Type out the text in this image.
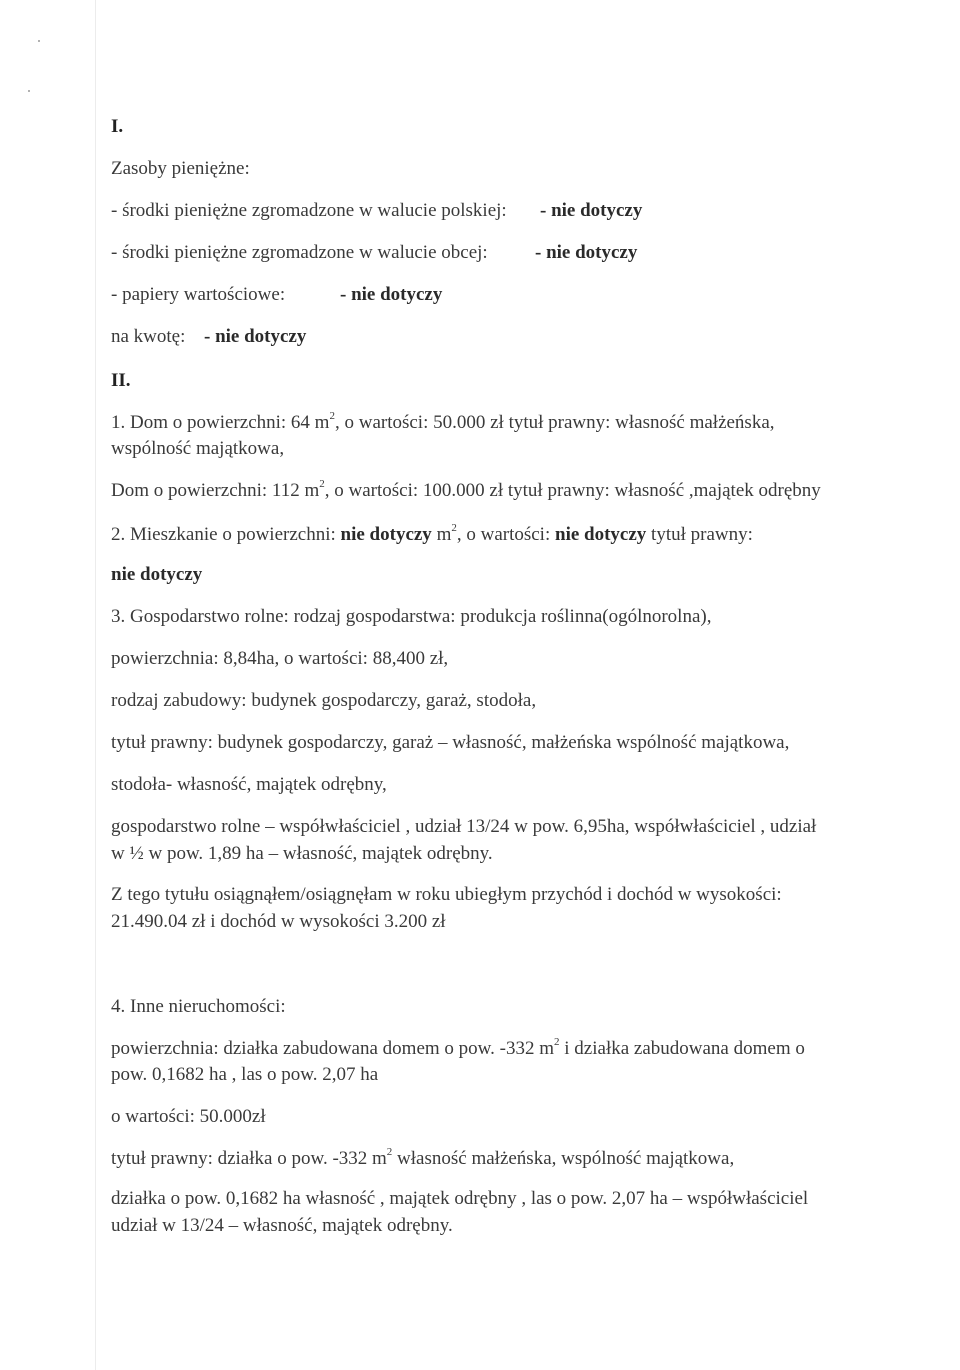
I.
Zasoby pieniężne:
- środki pieniężne zgromadzone w walucie polskiej: - nie dotyczy
- środki pieniężne zgromadzone w walucie obcej: - nie dotyczy
- papiery wartościowe:	- nie dotyczy
na kwotę: - nie dotyczy
II.
1. Dom o powierzchni: 64 $m^2$, o wartości: 50.000 zł tytuł prawny: własność małżeńska,
wspólność majątkowa,
Dom o powierzchni: 112 $m^2$, o wartości: 100.000 zł tytuł prawny: własność ,majątek odrębny
2. Mieszkanie o powierzchni: nie dotyczy $m^2$, o wartości: nie dotyczy tytuł prawny:
nie dotyczy
3. Gospodarstwo rolne: rodzaj gospodarstwa: produkcja roślinna(ogólnorolna),
powierzchnia: 8,84ha, o wartości: 88,400 zł,
rodzaj zabudowy: budynek gospodarczy, garaż, stodoła,
tytuł prawny: budynek gospodarczy, garaż – własność, małżeńska wspólność majątkowa,
stodoła- własność, majątek odrębny,
gospodarstwo rolne – współwłaściciel , udział 13/24 w pow. 6,95ha, współwłaściciel , udział
w ½ w pow. 1,89 ha – własność, majątek odrębny.
Z tego tytułu osiągnąłem/osiągnęłam w roku ubiegłym przychód i dochód w wysokości:
21.490.04 zł i dochód w wysokości 3.200 zł
4. Inne nieruchomości:
powierzchnia: działka zabudowana domem o pow. -332 $m^2$ i działka zabudowana domem o
pow. 0,1682 ha , las o pow. 2,07 ha
o wartości: 50.000zł
tytuł prawny: działka o pow. -332 $m^2$ własność małżeńska, wspólność majątkowa,
działka o pow. 0,1682 ha własność , majątek odrębny , las o pow. 2,07 ha – współwłaściciel
udział w 13/24 – własność, majątek odrębny.
